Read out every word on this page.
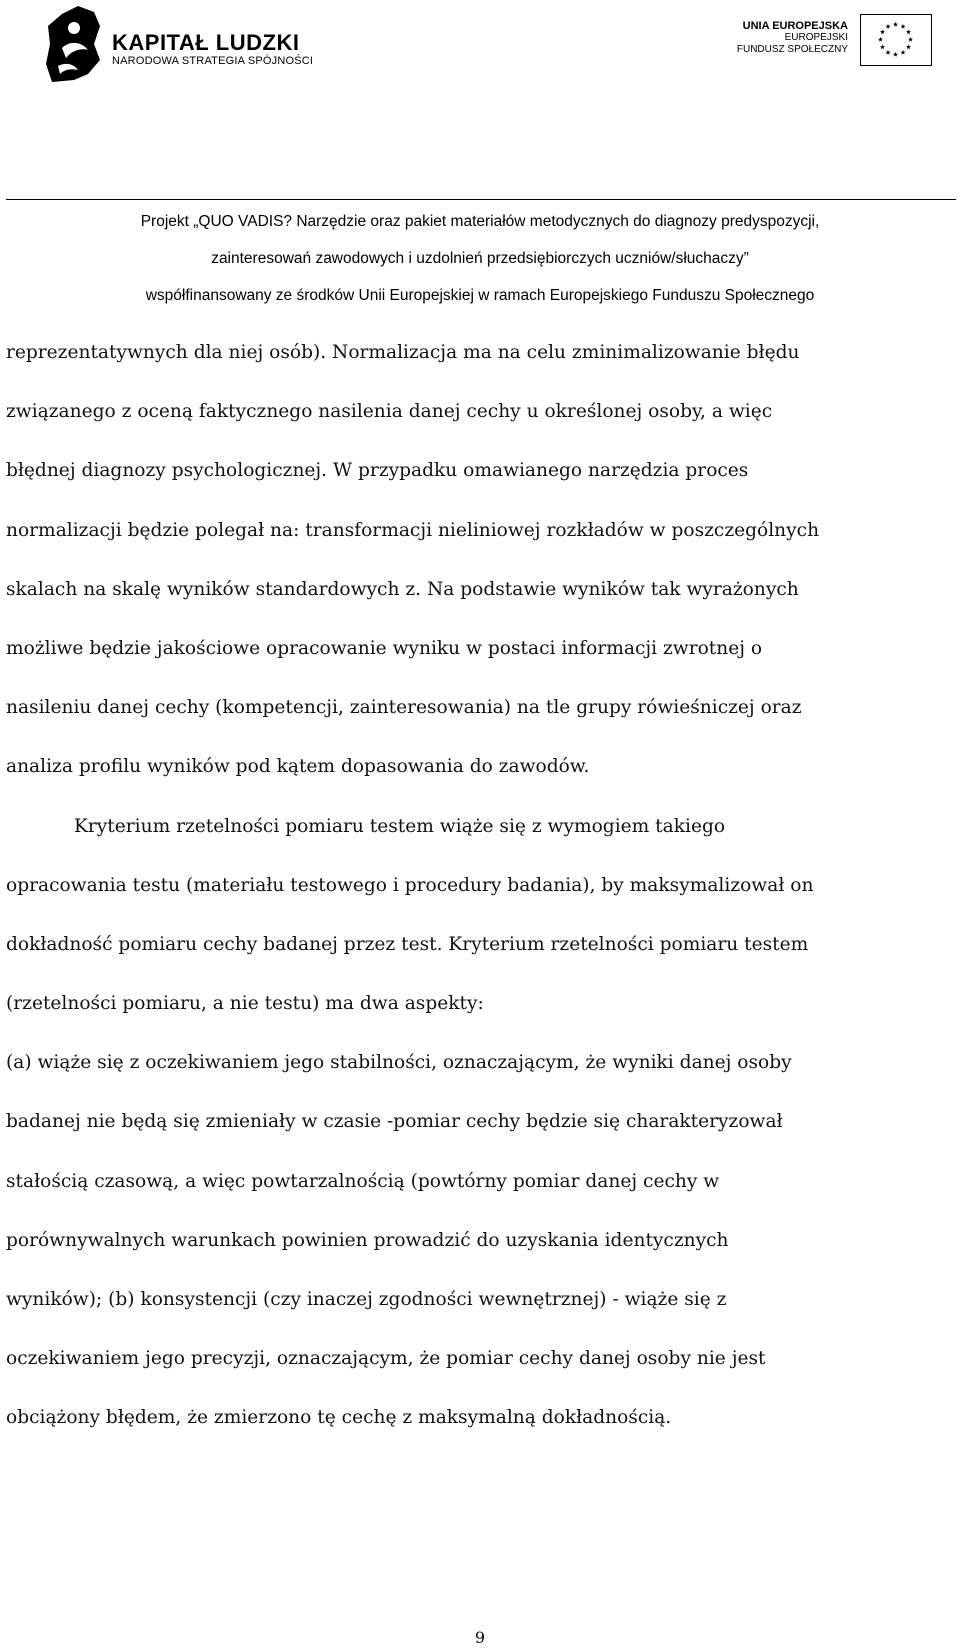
KAPITAŁ LUDZKI
NARODOWA STRATEGIA SPÓJNOŚCI
UNIA EUROPEJSKA
EUROPEJSKI
FUNDUSZ SPOŁECZNY
Projekt „QUO VADIS? Narzędzie oraz pakiet materiałów metodycznych do diagnozy predyspozycji,
zainteresowań zawodowych i uzdolnień przedsiębiorczych uczniów/słuchaczy”
współfinansowany ze środków Unii Europejskiej w ramach Europejskiego Funduszu Społecznego
reprezentatywnych dla niej osób). Normalizacja ma na celu zminimalizowanie błędu
związanego z oceną faktycznego nasilenia danej cechy u określonej osoby, a więc
błędnej diagnozy psychologicznej. W przypadku omawianego narzędzia proces
normalizacji będzie polegał na: transformacji nieliniowej rozkładów w poszczególnych
skalach na skalę wyników standardowych z. Na podstawie wyników tak wyrażonych
możliwe będzie jakościowe opracowanie wyniku w postaci informacji zwrotnej o
nasileniu danej cechy (kompetencji, zainteresowania) na tle grupy rówieśniczej oraz
analiza profilu wyników pod kątem dopasowania do zawodów.
Kryterium rzetelności pomiaru testem wiąże się z wymogiem takiego
opracowania testu (materiału testowego i procedury badania), by maksymalizował on
dokładność pomiaru cechy badanej przez test. Kryterium rzetelności pomiaru testem
(rzetelności pomiaru, a nie testu) ma dwa aspekty:
(a) wiąże się z oczekiwaniem jego stabilności, oznaczającym, że wyniki danej osoby
badanej nie będą się zmieniały w czasie -pomiar cechy będzie się charakteryzował
stałością czasową, a więc powtarzalnością (powtórny pomiar danej cechy w
porównywalnych warunkach powinien prowadzić do uzyskania identycznych
wyników); (b) konsystencji (czy inaczej zgodności wewnętrznej) - wiąże się z
oczekiwaniem jego precyzji, oznaczającym, że pomiar cechy danej osoby nie jest
obciążony błędem, że zmierzono tę cechę z maksymalną dokładnością.
9
